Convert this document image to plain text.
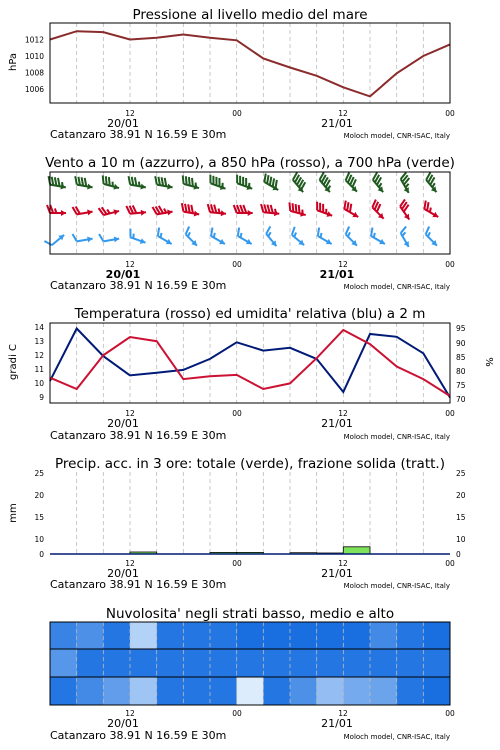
Pressione al livello medio del mare
hPa
1012
1010
1008
1006
12	00	12	00
20/01	21/01
Catanzaro 38.91 N 16.59 E 30m	Moloch model, CNR-ISAC, Italy
Vento a 10 m (azzurro), a 850 hPa (rosso), a 700 hPa (verde)
12	00	12	00
20/01	21/01
Catanzaro 38.91 N 16.59 E 30m	Moloch model, CNR-ISAC, Italy
Temperatura (rosso) ed umidita' relativa (blu) a 2 m
gradi C	%
14
13
12
11
10
9
95
90
85
80
75
70
12	00	12	00
20/01	21/01
Catanzaro 38.91 N 16.59 E 30m	Moloch model, CNR-ISAC, Italy
Precip. acc. in 3 ore: totale (verde), frazione solida (tratt.)
mm
25
20
15
10
0
25
20
15
10
0
12	00	12	00
20/01	21/01
Catanzaro 38.91 N 16.59 E 30m	Moloch model, CNR-ISAC, Italy
Nuvolosita' negli strati basso, medio e alto
12	00	12	00
20/01	21/01
Catanzaro 38.91 N 16.59 E 30m	Moloch model, CNR-ISAC, Italy
